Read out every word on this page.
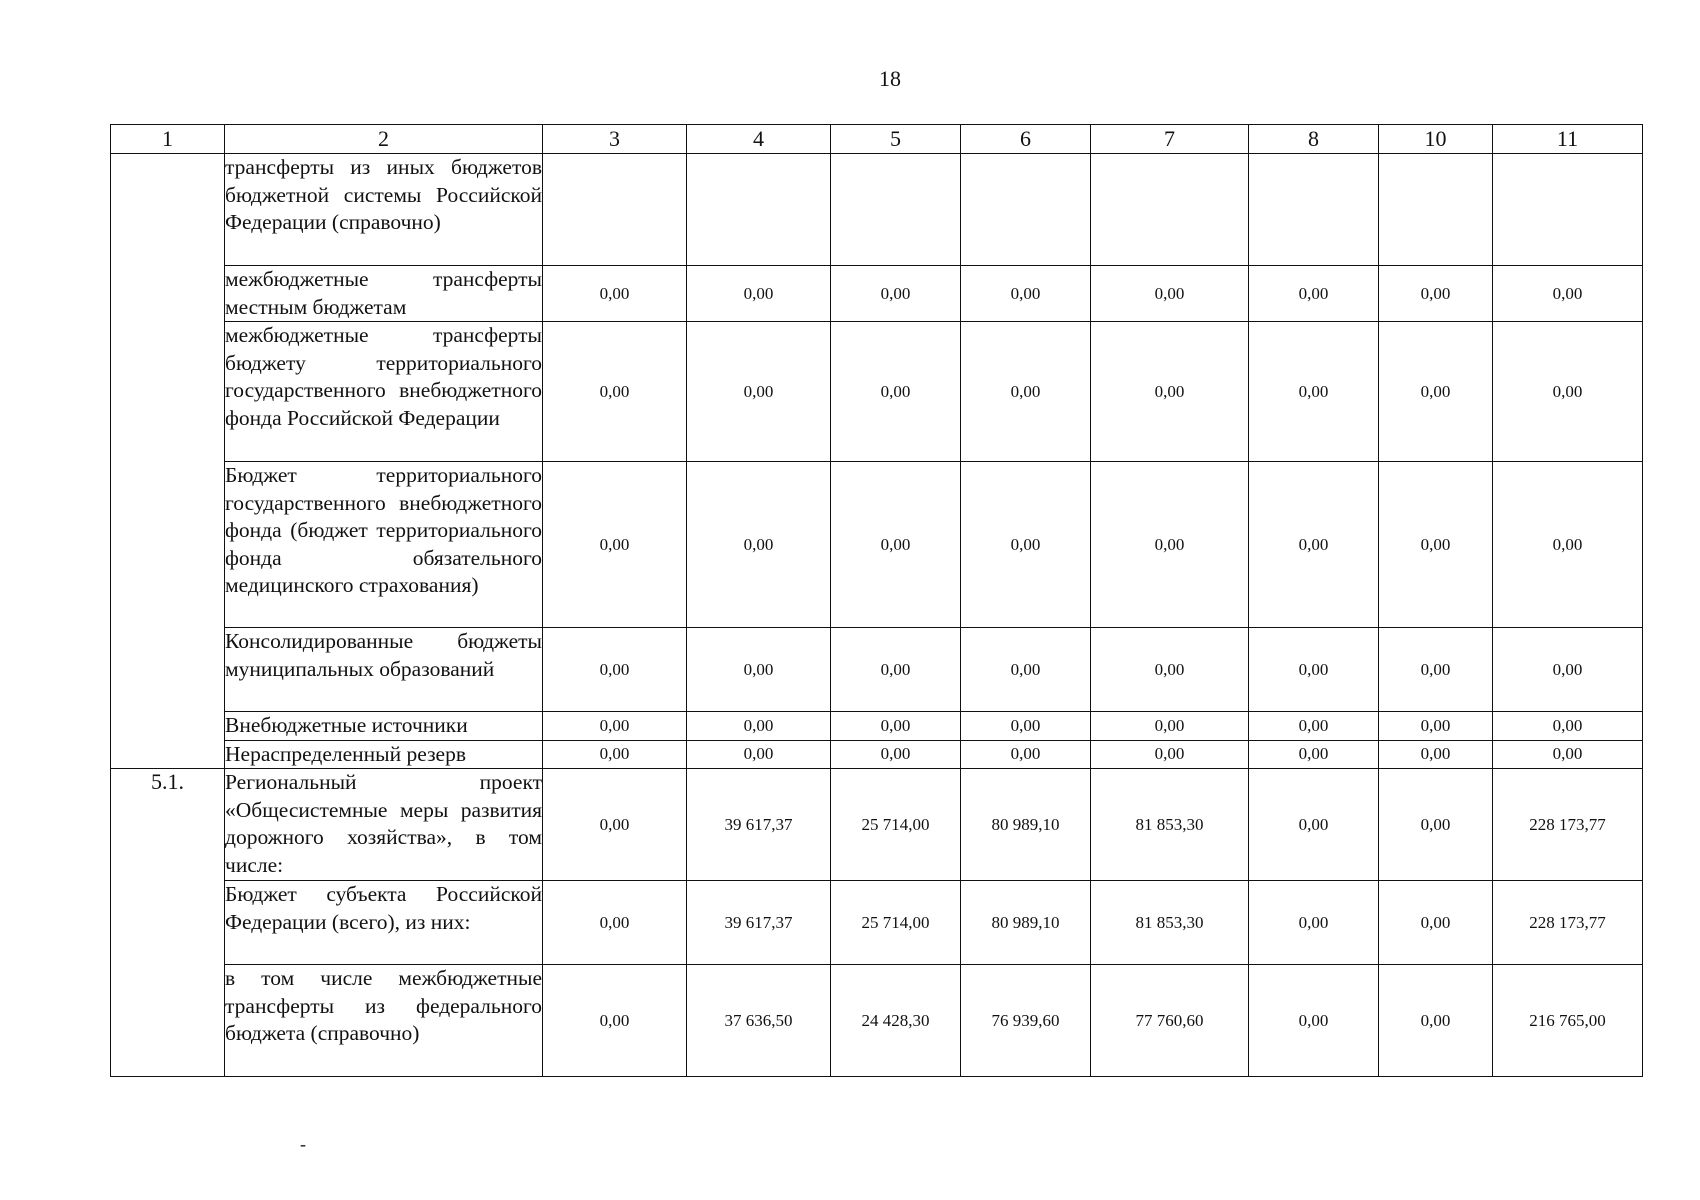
18
1	2	3	4	5	6	7	8	10	11
	трансферты из иных бюджетов бюджетной системы Российской Федерации (справочно)								
	межбюджетные трансферты местным бюджетам	0,00	0,00	0,00	0,00	0,00	0,00	0,00	0,00
	межбюджетные трансферты бюджету территориального государственного внебюджетного фонда Российской Федерации	0,00	0,00	0,00	0,00	0,00	0,00	0,00	0,00
	Бюджет территориального государственного внебюджетного фонда (бюджет территориального фонда обязательного медицинского страхования)	0,00	0,00	0,00	0,00	0,00	0,00	0,00	0,00
	Консолидированные бюджеты муниципальных образований	0,00	0,00	0,00	0,00	0,00	0,00	0,00	0,00
	Внебюджетные источники	0,00	0,00	0,00	0,00	0,00	0,00	0,00	0,00
	Нераспределенный резерв	0,00	0,00	0,00	0,00	0,00	0,00	0,00	0,00
5.1.	Региональный проект «Общесистемные меры развития дорожного хозяйства», в том числе:	0,00	39 617,37	25 714,00	80 989,10	81 853,30	0,00	0,00	228 173,77
	Бюджет субъекта Российской Федерации (всего), из них:	0,00	39 617,37	25 714,00	80 989,10	81 853,30	0,00	0,00	228 173,77
	в том числе межбюджетные трансферты из федерального бюджета (справочно)	0,00	37 636,50	24 428,30	76 939,60	77 760,60	0,00	0,00	216 765,00
-
